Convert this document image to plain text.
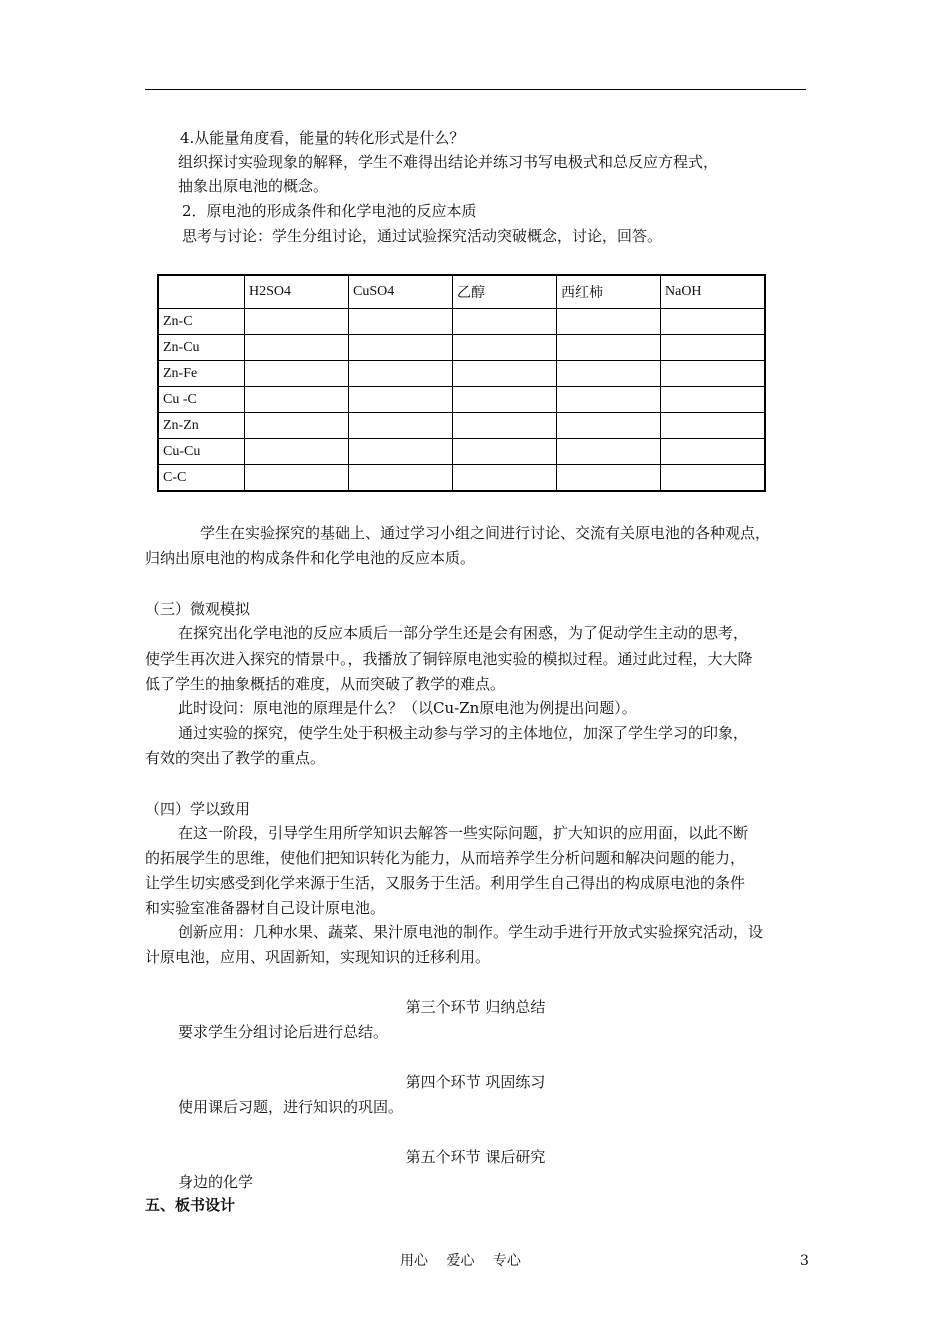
4.从能量角度看，能量的转化形式是什么？
组织探讨实验现象的解释，学生不难得出结论并练习书写电极式和总反应方程式，
抽象出原电池的概念。
2．原电池的形成条件和化学电池的反应本质
思考与讨论：学生分组讨论，通过试验探究活动突破概念，讨论，回答。
	H2SO4	CuSO4	乙醇	西红柿	NaOH
Zn-C					
Zn-Cu					
Zn-Fe					
Cu -C					
Zn-Zn					
Cu-Cu					
C-C					
学生在实验探究的基础上、通过学习小组之间进行讨论、交流有关原电池的各种观点，
归纳出原电池的构成条件和化学电池的反应本质。
（三）微观模拟
在探究出化学电池的反应本质后一部分学生还是会有困惑，为了促动学生主动的思考，
使学生再次进入探究的情景中。，我播放了铜锌原电池实验的模拟过程。通过此过程，大大降
低了学生的抽象概括的难度，从而突破了教学的难点。
此时设问：原电池的原理是什么？（以Cu-Zn原电池为例提出问题）。
通过实验的探究，使学生处于积极主动参与学习的主体地位，加深了学生学习的印象，
有效的突出了教学的重点。
（四）学以致用
在这一阶段，引导学生用所学知识去解答一些实际问题，扩大知识的应用面，以此不断
的拓展学生的思维，使他们把知识转化为能力，从而培养学生分析问题和解决问题的能力，
让学生切实感受到化学来源于生活，又服务于生活。利用学生自己得出的构成原电池的条件
和实验室准备器材自己设计原电池。
创新应用：几种水果、蔬菜、果汁原电池的制作。学生动手进行开放式实验探究活动，设
计原电池，应用、巩固新知，实现知识的迁移利用。
第三个环节 归纳总结
要求学生分组讨论后进行总结。
第四个环节 巩固练习
使用课后习题，进行知识的巩固。
第五个环节 课后研究
身边的化学
五、板书设计
用心　 爱心　 专心	3
